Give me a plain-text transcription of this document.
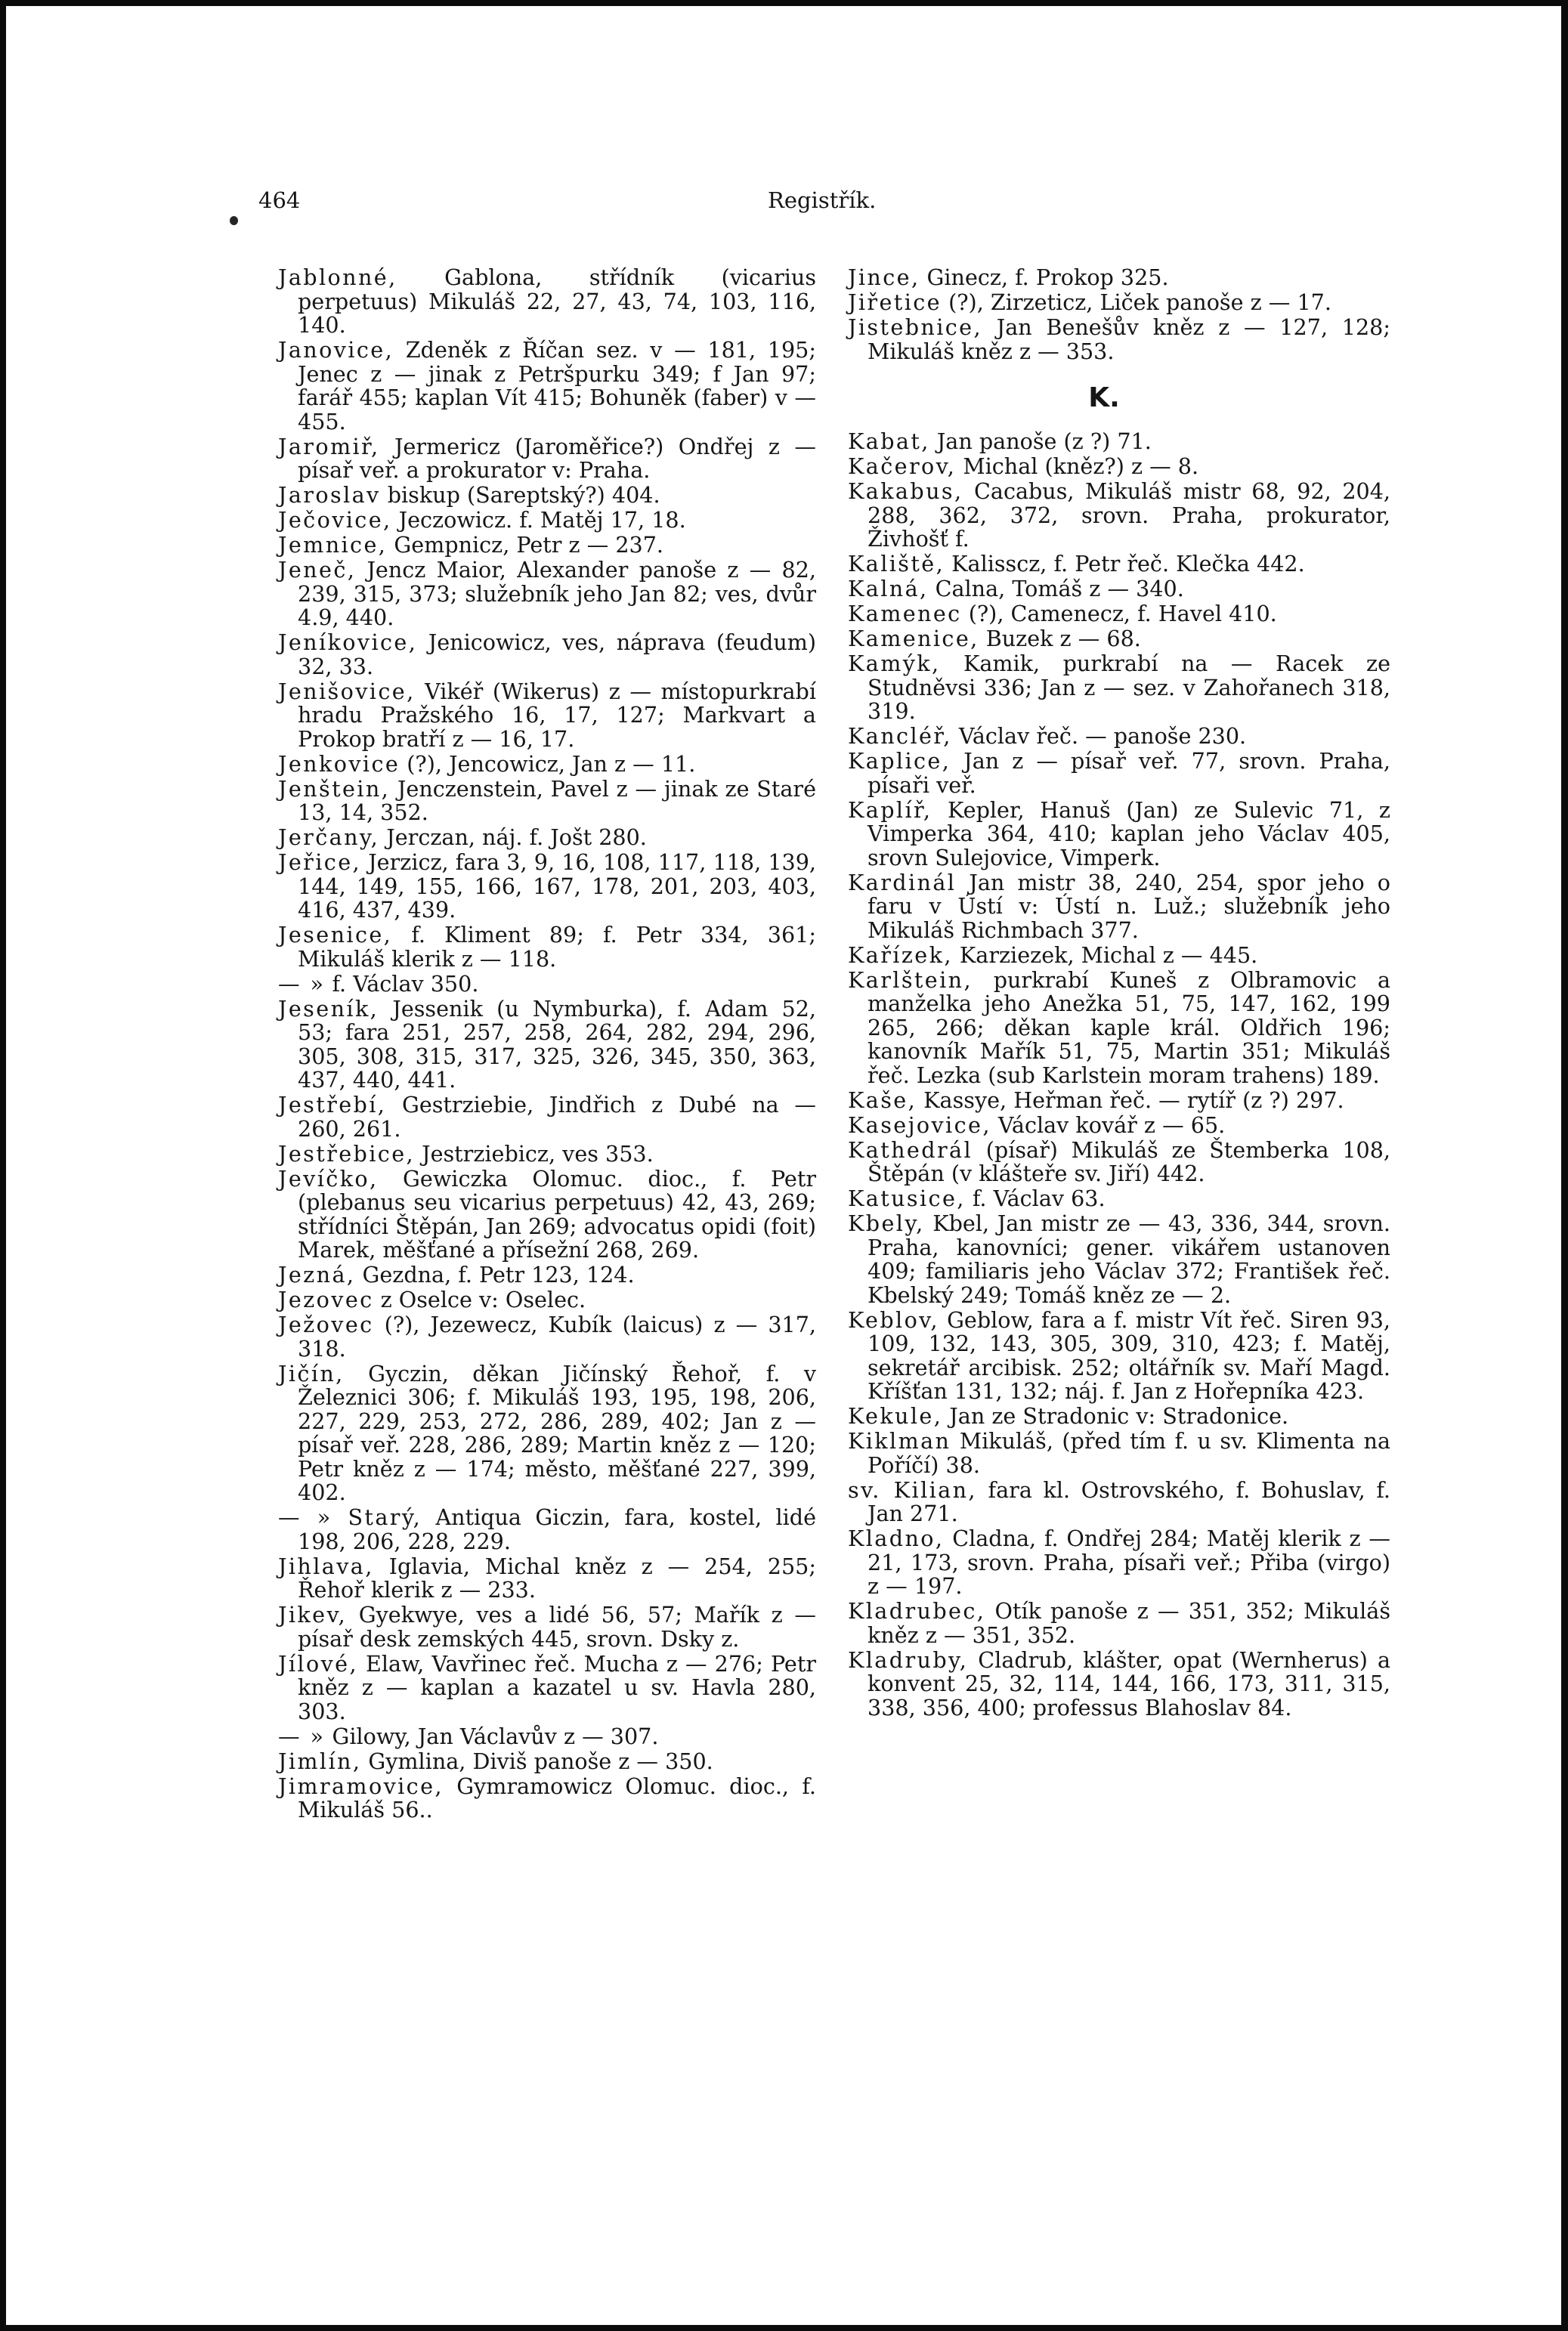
464	Registřík.
Jablonné, Gablona, střídník (vicarius perpetuus) Mikuláš 22, 27, 43, 74, 103, 116, 140.
Janovice, Zdeněk z Říčan sez. v — 181, 195; Jenec z — jinak z Petršpurku 349; f Jan 97; farář 455; kaplan Vít 415; Bohuněk (faber) v — 455.
Jaromiř, Jermericz (Jaroměřice?) Ondřej z — písař veř. a prokurator v: Praha.
Jaroslav biskup (Sareptský?) 404.
Ječovice, Jeczowicz. f. Matěj 17, 18.
Jemnice, Gempnicz, Petr z — 237.
Jeneč, Jencz Maior, Alexander panoše z — 82, 239, 315, 373; služebník jeho Jan 82; ves, dvůr 4.9, 440.
Jeníkovice, Jenicowicz, ves, náprava (feudum) 32, 33.
Jenišovice, Vikéř (Wikerus) z — místopurkrabí hradu Pražského 16, 17, 127; Markvart a Prokop bratří z — 16, 17.
Jenkovice (?), Jencowicz, Jan z — 11.
Jenštein, Jenczenstein, Pavel z — jinak ze Staré 13, 14, 352.
Jerčany, Jerczan, náj. f. Jošt 280.
Jeřice, Jerzicz, fara 3, 9, 16, 108, 117, 118, 139, 144, 149, 155, 166, 167, 178, 201, 203, 403, 416, 437, 439.
Jesenice, f. Kliment 89; f. Petr 334, 361; Mikuláš klerik z — 118.
— » f. Václav 350.
Jeseník, Jessenik (u Nymburka), f. Adam 52, 53; fara 251, 257, 258, 264, 282, 294, 296, 305, 308, 315, 317, 325, 326, 345, 350, 363, 437, 440, 441.
Jestřebí, Gestrziebie, Jindřich z Dubé na — 260, 261.
Jestřebice, Jestrziebicz, ves 353.
Jevíčko, Gewiczka Olomuc. dioc., f. Petr (plebanus seu vicarius perpetuus) 42, 43, 269; střídníci Štěpán, Jan 269; advocatus opidi (foit) Marek, měšťané a přísežní 268, 269.
Jezná, Gezdna, f. Petr 123, 124.
Jezovec z Oselce v: Oselec.
Ježovec (?), Jezewecz, Kubík (laicus) z — 317, 318.
Jičín, Gyczin, děkan Jičínský Řehoř, f. v Železnici 306; f. Mikuláš 193, 195, 198, 206, 227, 229, 253, 272, 286, 289, 402; Jan z — písař veř. 228, 286, 289; Martin kněz z — 120; Petr kněz z — 174; město, měšťané 227, 399, 402.
— » Starý, Antiqua Giczin, fara, kostel, lidé 198, 206, 228, 229.
Jihlava, Iglavia, Michal kněz z — 254, 255; Řehoř klerik z — 233.
Jikev, Gyekwye, ves a lidé 56, 57; Mařík z — písař desk zemských 445, srovn. Dsky z.
Jílové, Elaw, Vavřinec řeč. Mucha z — 276; Petr kněz z — kaplan a kazatel u sv. Havla 280, 303.
— » Gilowy, Jan Václavův z — 307.
Jimlín, Gymlina, Diviš panoše z — 350.
Jimramovice, Gymramowicz Olomuc. dioc., f. Mikuláš 56..
Jince, Ginecz, f. Prokop 325.
Jiřetice (?), Zirzeticz, Liček panoše z — 17.
Jistebnice, Jan Benešův kněz z — 127, 128; Mikuláš kněz z — 353.
K.
Kabat, Jan panoše (z ?) 71.
Kačerov, Michal (kněz?) z — 8.
Kakabus, Cacabus, Mikuláš mistr 68, 92, 204, 288, 362, 372, srovn. Praha, prokurator, Živhošť f.
Kaliště, Kalisscz, f. Petr řeč. Klečka 442.
Kalná, Calna, Tomáš z — 340.
Kamenec (?), Camenecz, f. Havel 410.
Kamenice, Buzek z — 68.
Kamýk, Kamik, purkrabí na — Racek ze Studněvsi 336; Jan z — sez. v Zahořanech 318, 319.
Kancléř, Václav řeč. — panoše 230.
Kaplice, Jan z — písař veř. 77, srovn. Praha, písaři veř.
Kaplíř, Kepler, Hanuš (Jan) ze Sulevic 71, z Vimperka 364, 410; kaplan jeho Václav 405, srovn Sulejovice, Vimperk.
Kardinál Jan mistr 38, 240, 254, spor jeho o faru v Ústí v: Ústí n. Luž.; služebník jeho Mikuláš Richmbach 377.
Kařízek, Karziezek, Michal z — 445.
Karlštein, purkrabí Kuneš z Olbramovic a manželka jeho Anežka 51, 75, 147, 162, 199 265, 266; děkan kaple král. Oldřich 196; kanovník Mařík 51, 75, Martin 351; Mikuláš řeč. Lezka (sub Karlstein moram trahens) 189.
Kaše, Kassye, Heřman řeč. — rytíř (z ?) 297.
Kasejovice, Václav kovář z — 65.
Kathedrál (písař) Mikuláš ze Štemberka 108, Štěpán (v klášteře sv. Jiří) 442.
Katusice, f. Václav 63.
Kbely, Kbel, Jan mistr ze — 43, 336, 344, srovn. Praha, kanovníci; gener. vikářem ustanoven 409; familiaris jeho Václav 372; František řeč. Kbelský 249; Tomáš kněz ze — 2.
Keblov, Geblow, fara a f. mistr Vít řeč. Siren 93, 109, 132, 143, 305, 309, 310, 423; f. Matěj, sekretář arcibisk. 252; oltářník sv. Maří Magd. Kříšťan 131, 132; náj. f. Jan z Hořepníka 423.
Kekule, Jan ze Stradonic v: Stradonice.
Kiklman Mikuláš, (před tím f. u sv. Klimenta na Poříčí) 38.
sv. Kilian, fara kl. Ostrovského, f. Bohuslav, f. Jan 271.
Kladno, Cladna, f. Ondřej 284; Matěj klerik z — 21, 173, srovn. Praha, písaři veř.; Přiba (virgo) z — 197.
Kladrubec, Otík panoše z — 351, 352; Mikuláš kněz z — 351, 352.
Kladruby, Cladrub, klášter, opat (Wernherus) a konvent 25, 32, 114, 144, 166, 173, 311, 315, 338, 356, 400; professus Blahoslav 84.
